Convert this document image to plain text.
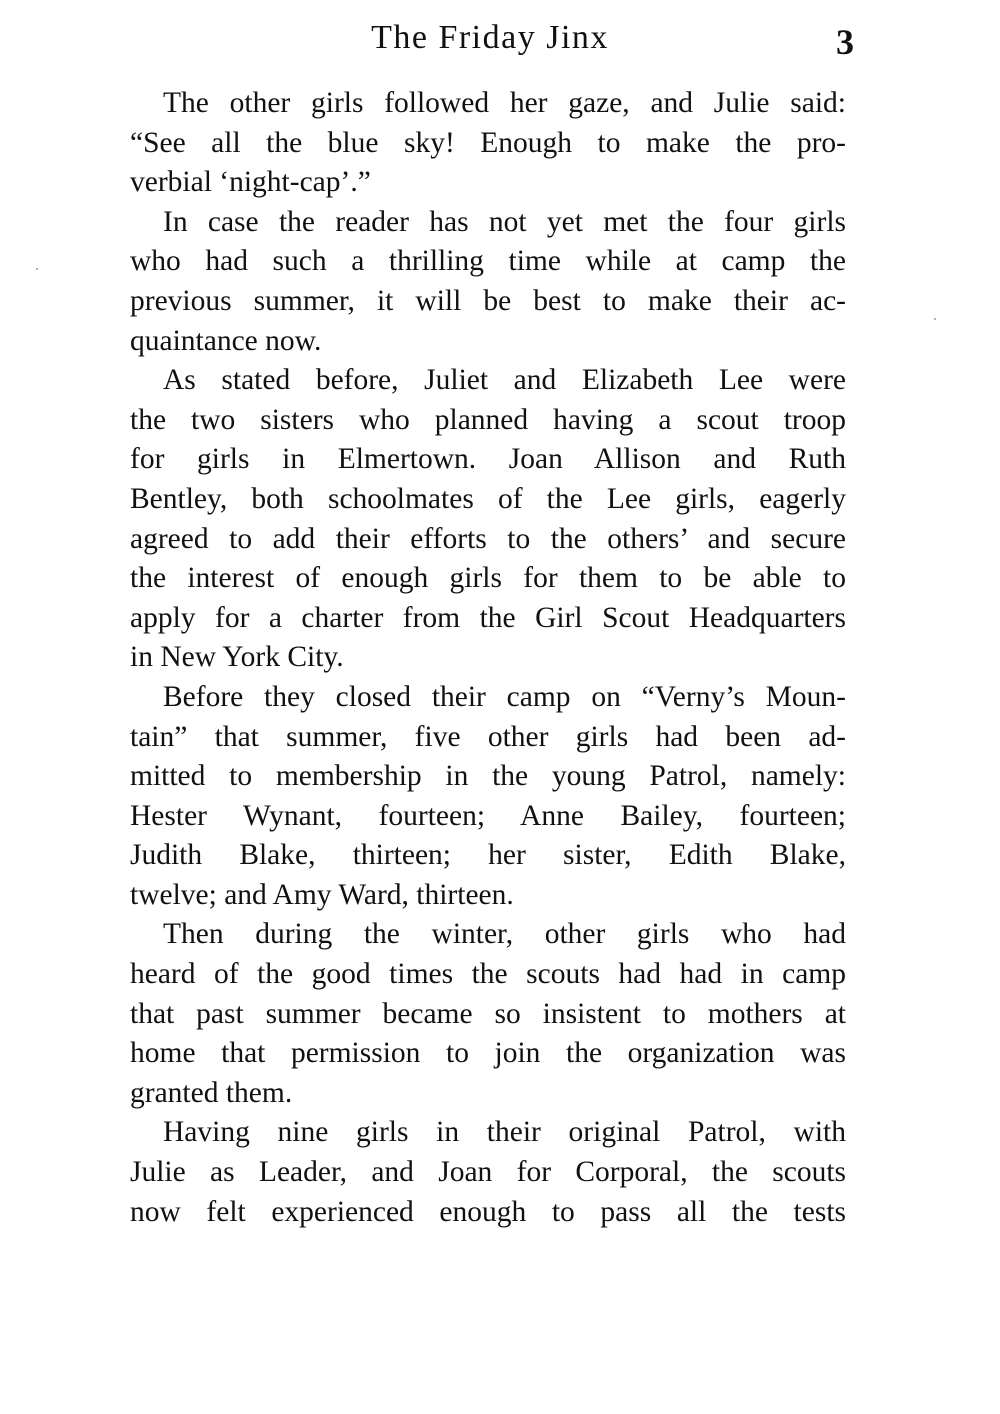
The Friday Jinx	3
The other girls followed her gaze, and Julie said:
“See all the blue sky! Enough to make the pro-
verbial ‘night-cap’.”
In case the reader has not yet met the four girls
who had such a thrilling time while at camp the
previous summer, it will be best to make their ac-
quaintance now.
As stated before, Juliet and Elizabeth Lee were
the two sisters who planned having a scout troop
for girls in Elmertown. Joan Allison and Ruth
Bentley, both schoolmates of the Lee girls, eagerly
agreed to add their efforts to the others’ and secure
the interest of enough girls for them to be able to
apply for a charter from the Girl Scout Headquarters
in New York City.
Before they closed their camp on “Verny’s Moun-
tain” that summer, five other girls had been ad-
mitted to membership in the young Patrol, namely:
Hester Wynant, fourteen; Anne Bailey, fourteen;
Judith Blake, thirteen; her sister, Edith Blake,
twelve; and Amy Ward, thirteen.
Then during the winter, other girls who had
heard of the good times the scouts had had in camp
that past summer became so insistent to mothers at
home that permission to join the organization was
granted them.
Having nine girls in their original Patrol, with
Julie as Leader, and Joan for Corporal, the scouts
now felt experienced enough to pass all the tests
